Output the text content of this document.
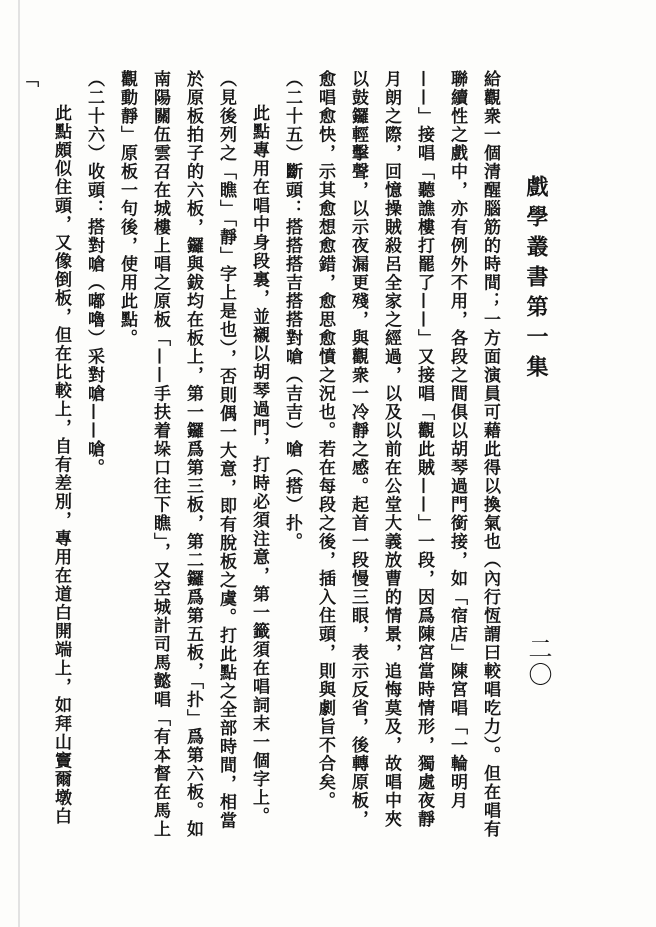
戲學叢書第一集
二〇

給觀衆一個清醒腦筋的時間；一方面演員可藉此得以換氣也（內行恆謂曰較唱吃力）。但在唱有聯續性之戲中，亦有例外不用，各段之間俱以胡琴過門銜接，如「宿店」陳宮唱「一輪明月——」接唱「聽譙樓打罷了——」又接唱「觀此賊——」一段，因爲陳宮當時情形，獨處夜靜月朗之際，回憶操賊殺呂全家之經過，以及以前在公堂大義放曹的情景，追悔莫及，故唱中夾以鼓鑼輕擊聲，以示夜漏更殘，與觀衆一冷靜之感。起首一段慢三眼，表示反省，後轉原板，愈唱愈快，示其愈想愈錯，愈思愈憤之況也。若在每段之後，插入住頭，則與劇旨不合矣。

（二十五）斷頭：搭搭搭吉搭搭對嗆（吉吉）嗆（搭）扑。

此點專用在唱中身段裏，並襯以胡琴過門，打時必須注意，第一籤須在唱詞末一個字上。（見後列之「瞧」「靜」字上是也），否則偶一大意，即有脫板之虞。打此點之全部時間，相當於原板拍子的六板，鑼與鈸均在板上，第一鑼爲第三板，第二鑼爲第五板，「扑」爲第六板。如南陽關伍雲召在城樓上唱之原板「——手扶着垛口往下瞧」，又空城計司馬懿唱「有本督在馬上觀動靜」原板一句後，使用此點。

（二十六）收頭：搭對嗆（嘟嚕）采對嗆——嗆。

此點頗似住頭，又像倒板，但在比較上，自有差別，專用在道白開端上，如拜山竇爾墩白「
